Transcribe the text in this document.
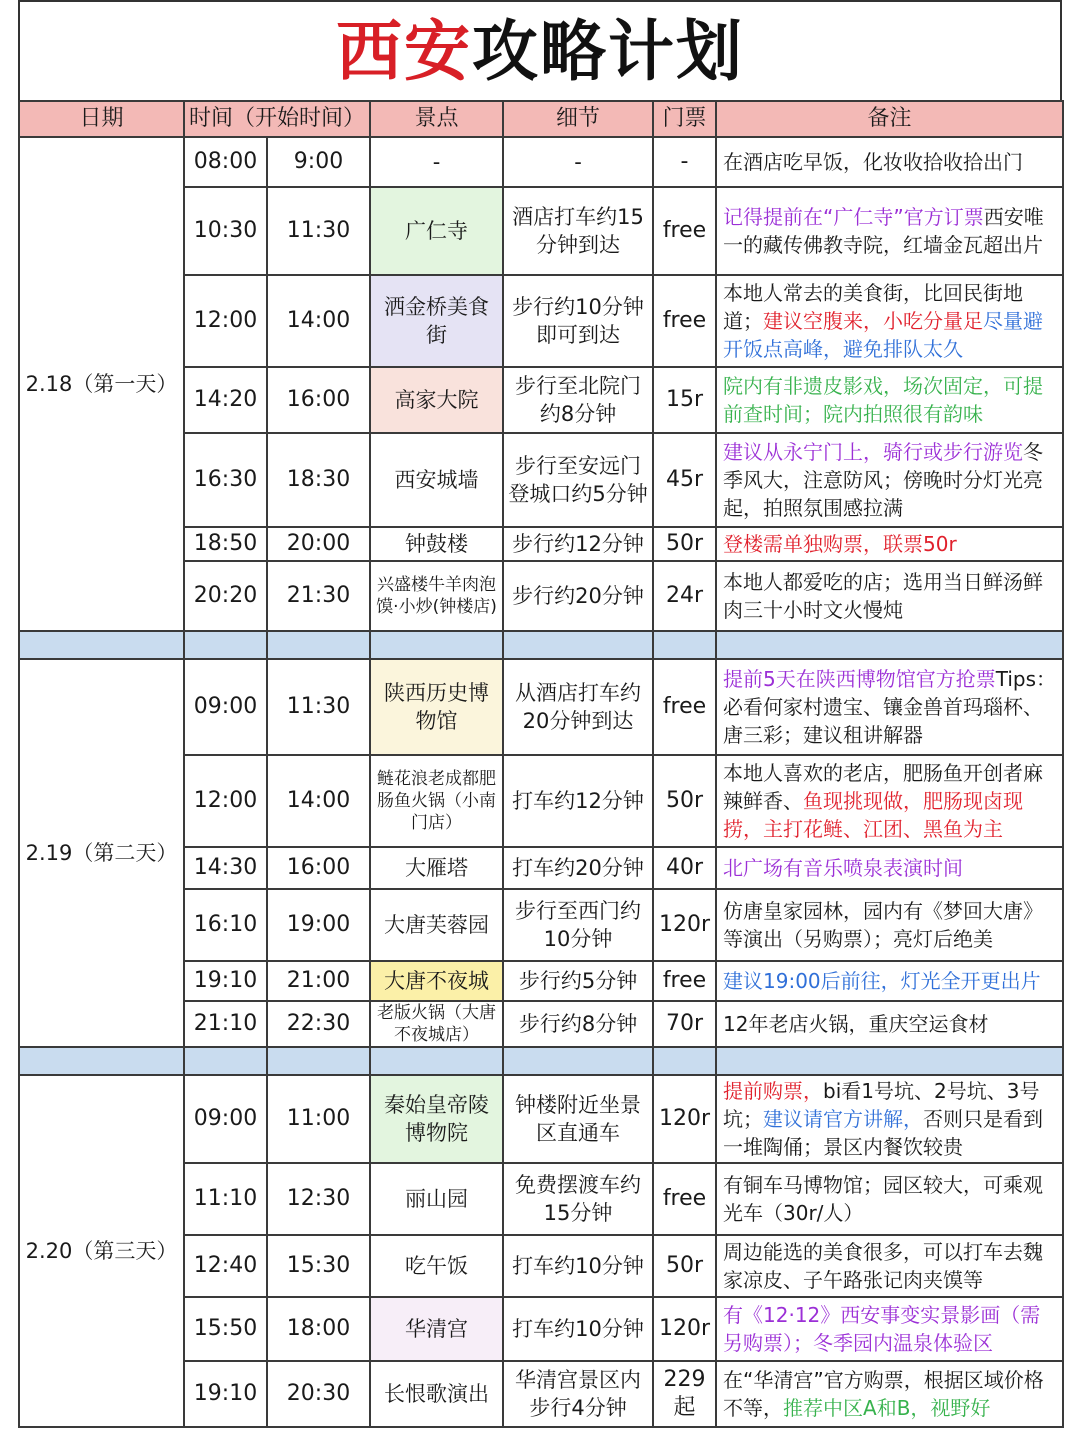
西安攻略计划
日期	时间（开始时间）		景点	细节	门票	备注
2.18（第一天）	08:00	9:00	-	-	-	在酒店吃早饭，化妆收拾收拾出门
	10:30	11:30	广仁寺	酒店打车约15分钟到达	free	记得提前在“广仁寺”官方订票西安唯一的藏传佛教寺院，红墙金瓦超出片
	12:00	14:00	洒金桥美食街	步行约10分钟即可到达	free	本地人常去的美食街，比回民街地道；建议空腹来，小吃分量足尽量避开饭点高峰，避免排队太久
	14:20	16:00	高家大院	步行至北院门约8分钟	15r	院内有非遗皮影戏，场次固定，可提前查时间；院内拍照很有韵味
	16:30	18:30	西安城墙	步行至安远门登城口约5分钟	45r	建议从永宁门上，骑行或步行游览冬季风大，注意防风；傍晚时分灯光亮起，拍照氛围感拉满
	18:50	20:00	钟鼓楼	步行约12分钟	50r	登楼需单独购票，联票50r
	20:20	21:30	兴盛楼牛羊肉泡馍·小炒(钟楼店)	步行约20分钟	24r	本地人都爱吃的店；选用当日鲜汤鲜肉三十小时文火慢炖

2.19（第二天）	09:00	11:30	陕西历史博物馆	从酒店打车约20分钟到达	free	提前5天在陕西博物馆官方抢票Tips：必看何家村遗宝、镶金兽首玛瑙杯、唐三彩；建议租讲解器
	12:00	14:00	鲢花浪老成都肥肠鱼火锅（小南门店）	打车约12分钟	50r	本地人喜欢的老店，肥肠鱼开创者麻辣鲜香、鱼现挑现做，肥肠现卤现捞，主打花鲢、江团、黑鱼为主
	14:30	16:00	大雁塔	打车约20分钟	40r	北广场有音乐喷泉表演时间
	16:10	19:00	大唐芙蓉园	步行至西门约10分钟	120r	仿唐皇家园林，园内有《梦回大唐》等演出（另购票）；亮灯后绝美
	19:10	21:00	大唐不夜城	步行约5分钟	free	建议19:00后前往，灯光全开更出片
	21:10	22:30	老版火锅（大唐不夜城店）	步行约8分钟	70r	12年老店火锅，重庆空运食材

2.20（第三天）	09:00	11:00	秦始皇帝陵博物院	钟楼附近坐景区直通车	120r	提前购票，bi看1号坑、2号坑、3号坑；建议请官方讲解，否则只是看到一堆陶俑；景区内餐饮较贵
	11:10	12:30	丽山园	免费摆渡车约15分钟	free	有铜车马博物馆；园区较大，可乘观光车（30r/人）
	12:40	15:30	吃午饭	打车约10分钟	50r	周边能选的美食很多，可以打车去魏家凉皮、子午路张记肉夹馍等
	15:50	18:00	华清宫	打车约10分钟	120r	有《12·12》西安事变实景影画（需另购票）；冬季园内温泉体验区
	19:10	20:30	长恨歌演出	华清宫景区内步行4分钟	229起	在“华清宫”官方购票，根据区域价格不等，推荐中区A和B，视野好
